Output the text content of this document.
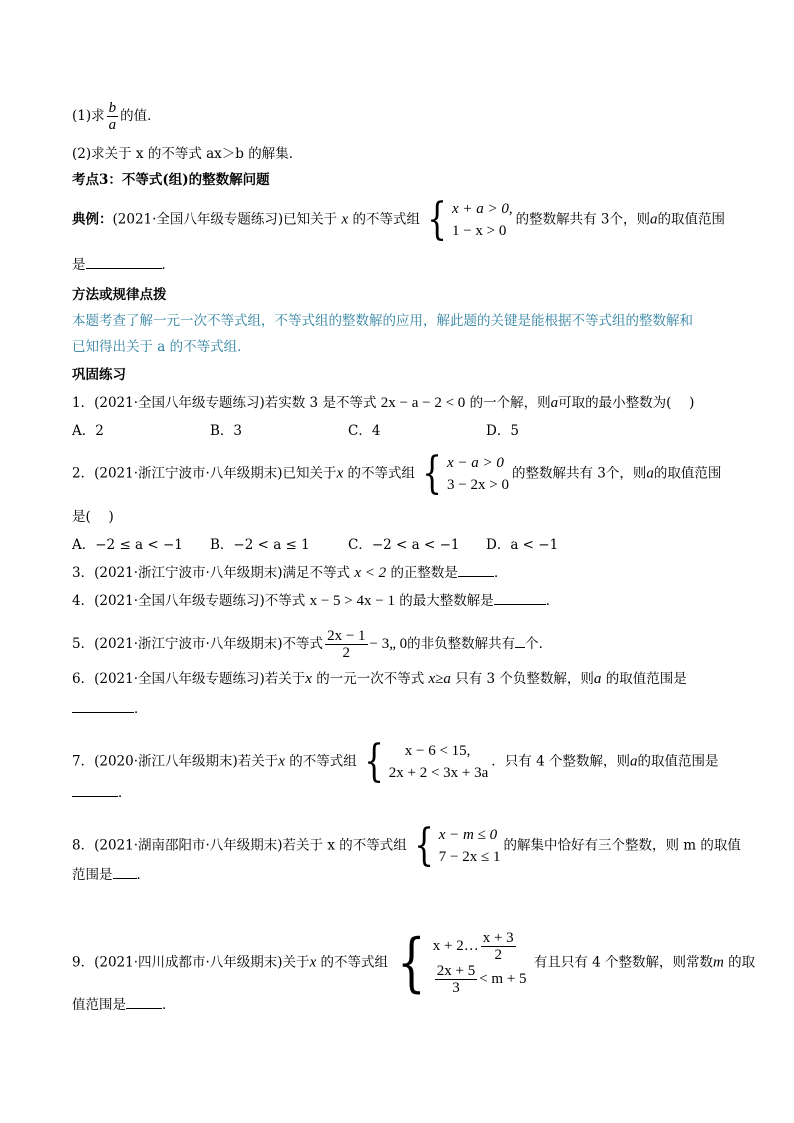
(1)求 $\frac{b}{a}$ 的值．
(2)求关于 x 的不等式 ax＞b 的解集．
考点3：不等式(组)的整数解问题
典例：(2021·全国八年级专题练习)已知关于 x 的不等式组 { x + a > 0,
1 − x > 0
的整数解共有 3个，则a的取值范围
是	．
方法或规律点拨
本题考查了解一元一次不等式组，不等式组的整数解的应用，解此题的关键是能根据不等式组的整数解和
已知得出关于 a 的不等式组．
巩固练习
1．(2021·全国八年级专题练习)若实数 3 是不等式 2x − a − 2 < 0 的一个解，则a可取的最小整数为(　 )
A．2	B．3	C．4	D．5
2．(2021·浙江宁波市·八年级期末)已知关于x 的不等式组 { x − a > 0
3 − 2x > 0
的整数解共有 3个，则a的取值范围
是(　 )
A．−2 ≤ a < −1 B．−2 < a ≤ 1	C．−2 < a < −1 D．a < −1
3．(2021·浙江宁波市·八年级期末)满足不等式 x < 2 的正整数是	．
4．(2021·全国八年级专题练习)不等式 x − 5 > 4x − 1 的最大整数解是	．
5．(2021·浙江宁波市·八年级期末)不等式 $\frac{2x - 1}{2}$ − 3„ 0的非负整数解共有 个．
6．(2021·全国八年级专题练习)若关于x 的一元一次不等式 x≥a 只有 3 个负整数解，则a 的取值范围是
．
7．(2020·浙江八年级期末)若关于x 的不等式组 {	x − 6 < 15,
2x + 2 < 3x + 3a
．只有 4 个整数解，则a的取值范围是
．
8．(2021·湖南邵阳市·八年级期末)若关于 x 的不等式组 { x − m ≤ 0
7 − 2x ≤ 1
的解集中恰好有三个整数，则 m 的取值
范围是 ．
9．(2021·四川成都市·八年级期末)关于x 的不等式组 { x + 2… $\frac{x + 3}{2}$
$\frac{2x + 5}{3} < m + 5$
有且只有 4 个整数解，则常数m 的取
值范围是	．
